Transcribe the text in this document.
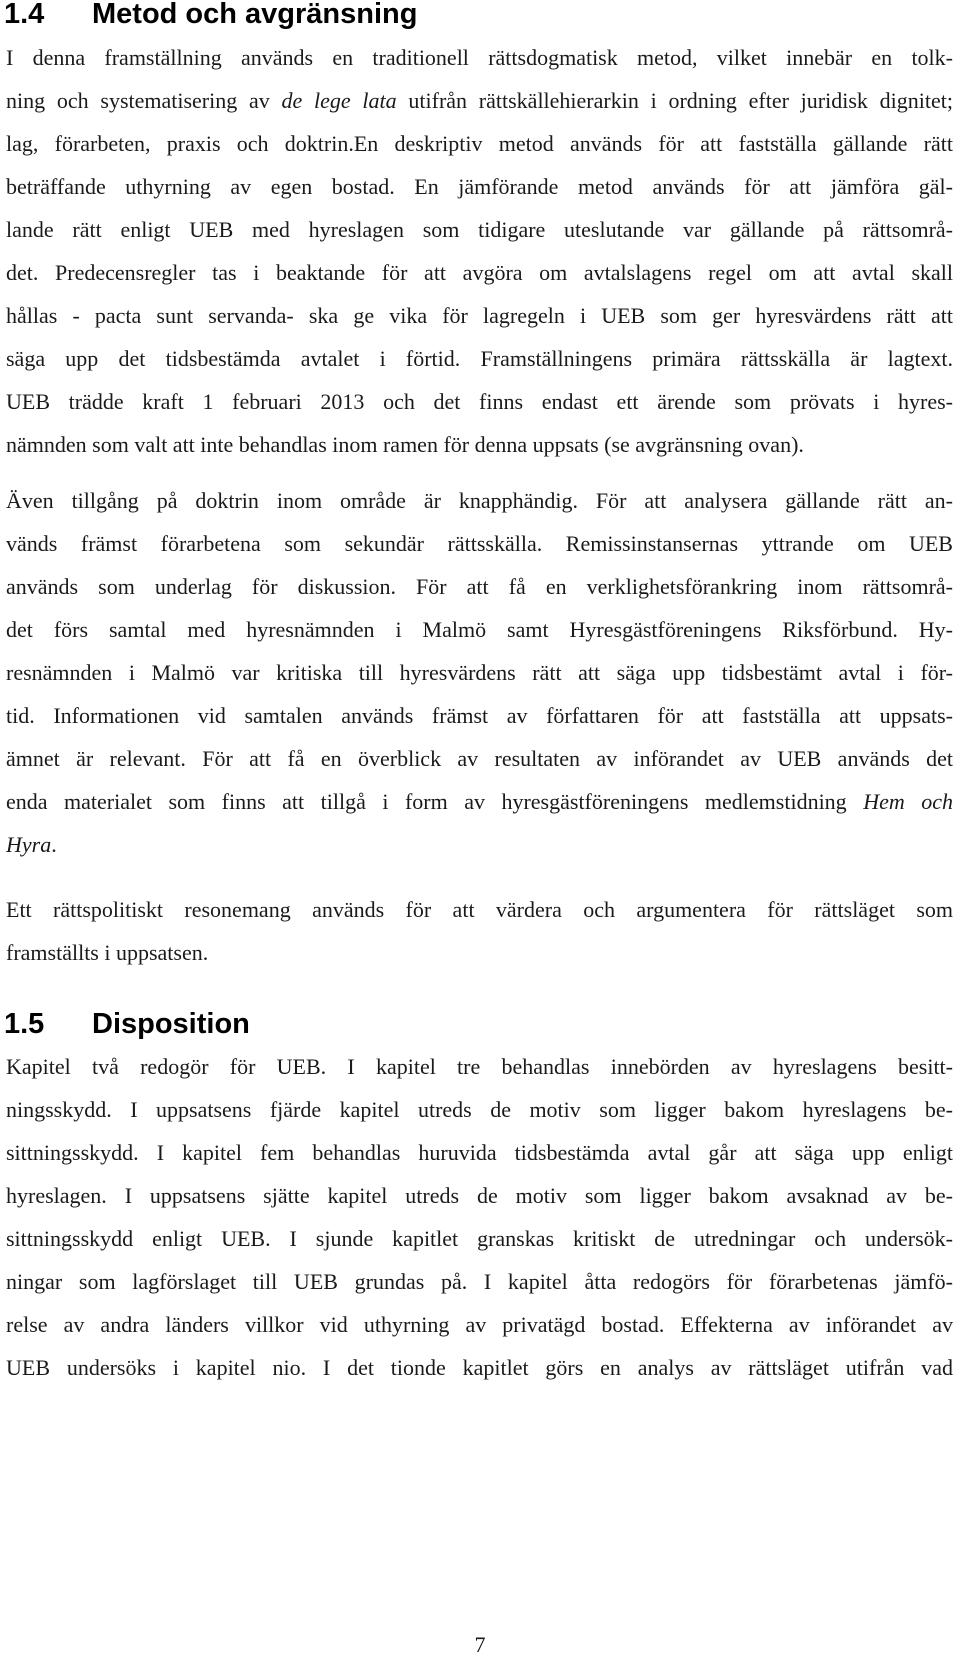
1.4 Metod och avgränsning

I denna framställning används en traditionell rättsdogmatisk metod, vilket innebär en tolk-

ning och systematisering av de lege lata utifrån rättskällehierarkin i ordning efter juridisk dignitet;

lag, förarbeten, praxis och doktrin.En deskriptiv metod används för att fastställa gällande rätt

beträffande uthyrning av egen bostad. En jämförande metod används för att jämföra gäl-

lande rätt enligt UEB med hyreslagen som tidigare uteslutande var gällande på rättsområ-

det. Predecensregler tas i beaktande för att avgöra om avtalslagens regel om att avtal skall

hållas - pacta sunt servanda- ska ge vika för lagregeln i UEB som ger hyresvärdens rätt att

säga upp det tidsbestämda avtalet i förtid. Framställningens primära rättsskälla är lagtext.

UEB trädde kraft 1 februari 2013 och det finns endast ett ärende som prövats i hyres-

nämnden som valt att inte behandlas inom ramen för denna uppsats (se avgränsning ovan).

Även tillgång på doktrin inom område är knapphändig. För att analysera gällande rätt an-

vänds främst förarbetena som sekundär rättsskälla. Remissinstansernas yttrande om UEB

används som underlag för diskussion. För att få en verklighetsförankring inom rättsområ-

det förs samtal med hyresnämnden i Malmö samt Hyresgästföreningens Riksförbund. Hy-

resnämnden i Malmö var kritiska till hyresvärdens rätt att säga upp tidsbestämt avtal i för-

tid. Informationen vid samtalen används främst av författaren för att fastställa att uppsats-

ämnet är relevant. För att få en överblick av resultaten av införandet av UEB används det

enda materialet som finns att tillgå i form av hyresgästföreningens medlemstidning Hem och

Hyra.

Ett rättspolitiskt resonemang används för att värdera och argumentera för rättsläget som

framställts i uppsatsen.

1.5 Disposition

Kapitel två redogör för UEB. I kapitel tre behandlas innebörden av hyreslagens besitt-

ningsskydd. I uppsatsens fjärde kapitel utreds de motiv som ligger bakom hyreslagens be-

sittningsskydd. I kapitel fem behandlas huruvida tidsbestämda avtal går att säga upp enligt

hyreslagen. I uppsatsens sjätte kapitel utreds de motiv som ligger bakom avsaknad av be-

sittningsskydd enligt UEB. I sjunde kapitlet granskas kritiskt de utredningar och undersök-

ningar som lagförslaget till UEB grundas på. I kapitel åtta redogörs för förarbetenas jämfö-

relse av andra länders villkor vid uthyrning av privatägd bostad. Effekterna av införandet av

UEB undersöks i kapitel nio. I det tionde kapitlet görs en analys av rättsläget utifrån vad

7
